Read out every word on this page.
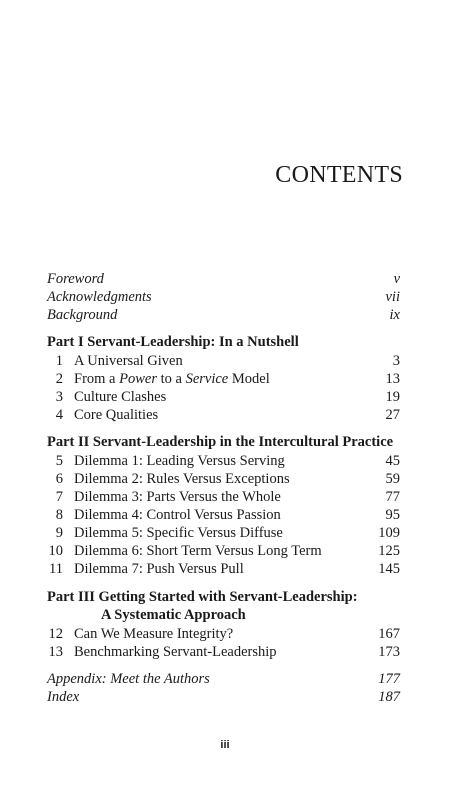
CONTENTS
Foreword	v
Acknowledgments	vii
Background	ix
Part I Servant-Leadership: In a Nutshell
1 A Universal Given	3
2 From a Power to a Service Model	13
3 Culture Clashes	19
4 Core Qualities	27
Part II Servant-Leadership in the Intercultural Practice
5 Dilemma 1: Leading Versus Serving	45
6 Dilemma 2: Rules Versus Exceptions	59
7 Dilemma 3: Parts Versus the Whole	77
8 Dilemma 4: Control Versus Passion	95
9 Dilemma 5: Specific Versus Diffuse	109
10 Dilemma 6: Short Term Versus Long Term	125
11 Dilemma 7: Push Versus Pull	145
Part III Getting Started with Servant-Leadership:
A Systematic Approach
12 Can We Measure Integrity?	167
13 Benchmarking Servant-Leadership	173
Appendix: Meet the Authors	177
Index	187
iii
